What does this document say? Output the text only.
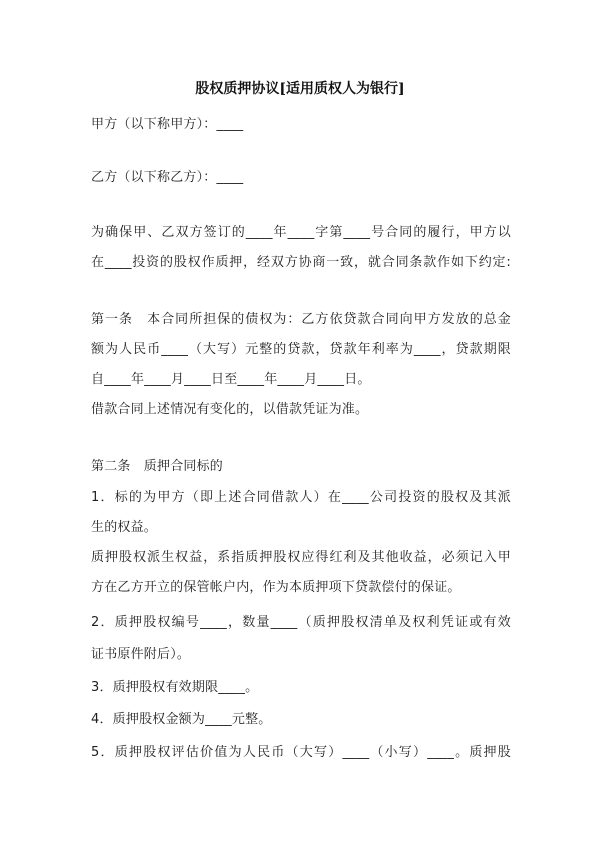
股权质押协议[适用质权人为银行]
甲方（以下称甲方）：____
乙方（以下称乙方）：____
为确保甲、乙双方签订的____年____字第____号合同的履行，甲方以
在____投资的股权作质押，经双方协商一致，就合同条款作如下约定:
第一条　本合同所担保的债权为：乙方依贷款合同向甲方发放的总金
额为人民币____（大写）元整的贷款，贷款年利率为____，贷款期限
自____年____月____日至____年____月____日。
借款合同上述情况有变化的，以借款凭证为准。
第二条　质押合同标的
1．标的为甲方（即上述合同借款人）在____公司投资的股权及其派
生的权益。
质押股权派生权益，系指质押股权应得红利及其他收益，必须记入甲
方在乙方开立的保管帐户内，作为本质押项下贷款偿付的保证。
2．质押股权编号____，数量____（质押股权清单及权利凭证或有效
证书原件附后）。
3．质押股权有效期限____。
4．质押股权金额为____元整。
5．质押股权评估价值为人民币（大写）____（小写）____。质押股
